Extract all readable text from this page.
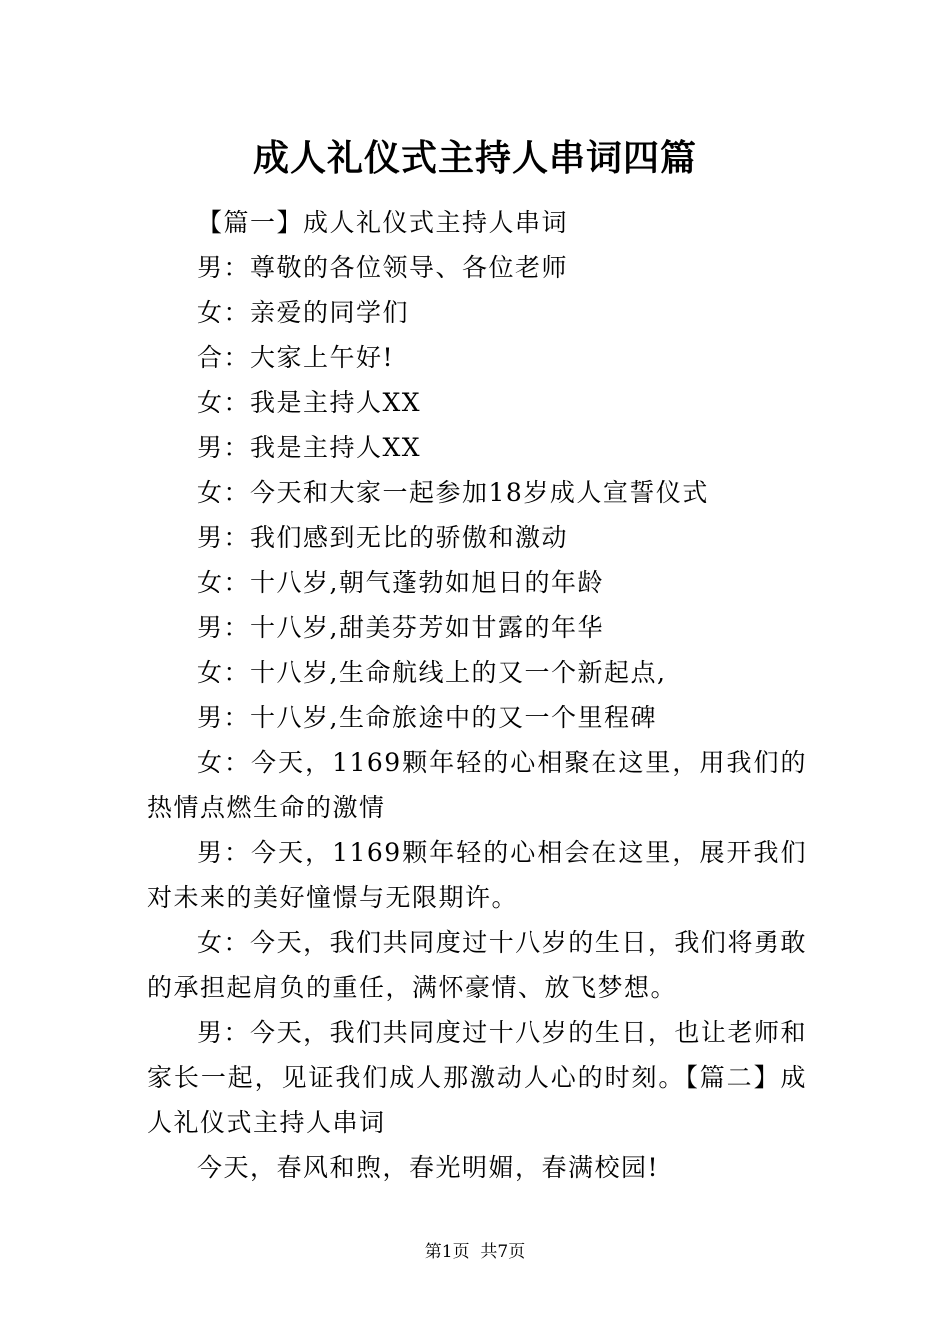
成人礼仪式主持人串词四篇

【篇一】成人礼仪式主持人串词

男：尊敬的各位领导、各位老师

女：亲爱的同学们

合：大家上午好!

女：我是主持人XX

男：我是主持人XX

女：今天和大家一起参加18岁成人宣誓仪式

男：我们感到无比的骄傲和激动

女：十八岁,朝气蓬勃如旭日的年龄

男：十八岁,甜美芬芳如甘露的年华

女：十八岁,生命航线上的又一个新起点,

男：十八岁,生命旅途中的又一个里程碑

女：今天，1169颗年轻的心相聚在这里，用我们的热情点燃生命的激情

男：今天，1169颗年轻的心相会在这里，展开我们对未来的美好憧憬与无限期许。

女：今天，我们共同度过十八岁的生日，我们将勇敢的承担起肩负的重任，满怀豪情、放飞梦想。

男：今天，我们共同度过十八岁的生日，也让老师和家长一起，见证我们成人那激动人心的时刻。【篇二】成人礼仪式主持人串词

今天，春风和煦，春光明媚，春满校园!

第1页 共7页
